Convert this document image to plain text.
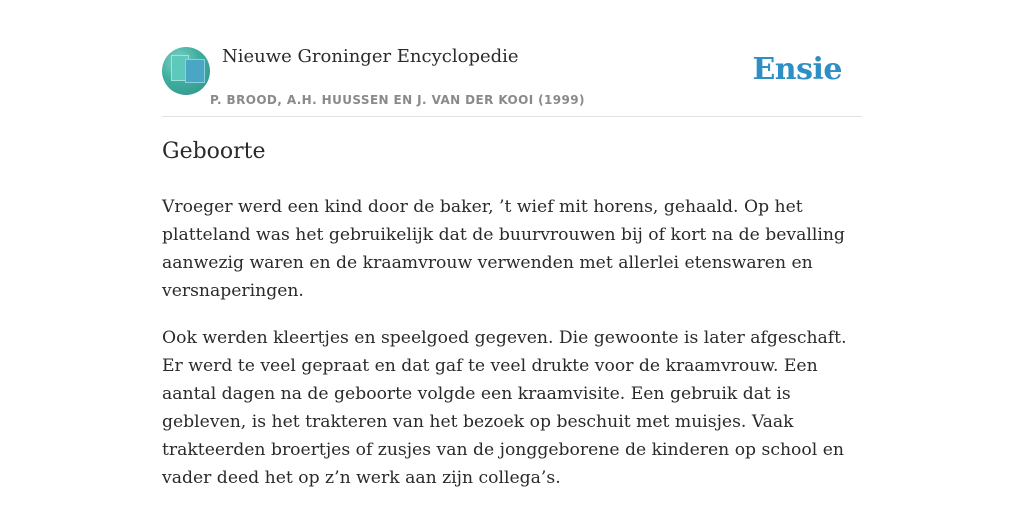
Nieuwe Groninger Encyclopedie
P. BROOD, A.H. HUUSSEN EN J. VAN DER KOOI (1999)
Ensie
Geboorte

Vroeger werd een kind door de baker, ’t wief mit horens, gehaald. Op het platteland was het gebruikelijk dat de buurvrouwen bij of kort na de bevalling aanwezig waren en de kraamvrouw verwenden met allerlei etenswaren en versnaperingen.

Ook werden kleertjes en speelgoed gegeven. Die gewoonte is later afgeschaft. Er werd te veel gepraat en dat gaf te veel drukte voor de kraamvrouw. Een aantal dagen na de geboorte volgde een kraamvisite. Een gebruik dat is gebleven, is het trakteren van het bezoek op beschuit met muisjes. Vaak trakteerden broertjes of zusjes van de jonggeborene de kinderen op school en vader deed het op z’n werk aan zijn collega’s.
